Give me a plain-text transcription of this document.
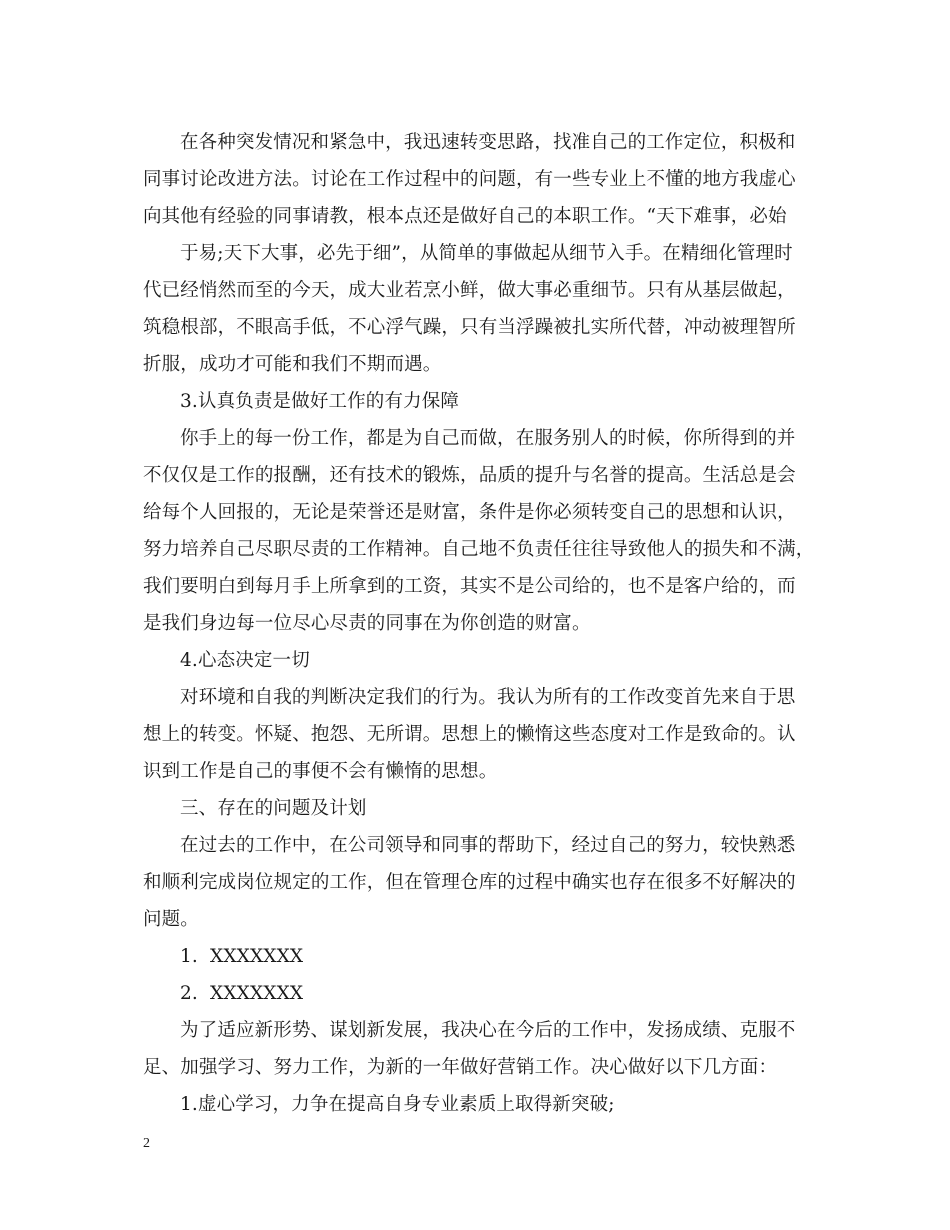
在各种突发情况和紧急中，我迅速转变思路，找准自己的工作定位，积极和
同事讨论改进方法。讨论在工作过程中的问题，有一些专业上不懂的地方我虚心
向其他有经验的同事请教，根本点还是做好自己的本职工作。“天下难事，必始
于易;天下大事，必先于细”，从简单的事做起从细节入手。在精细化管理时
代已经悄然而至的今天，成大业若烹小鲜，做大事必重细节。只有从基层做起，
筑稳根部，不眼高手低，不心浮气躁，只有当浮躁被扎实所代替，冲动被理智所
折服，成功才可能和我们不期而遇。
3.认真负责是做好工作的有力保障
你手上的每一份工作，都是为自己而做，在服务别人的时候，你所得到的并
不仅仅是工作的报酬，还有技术的锻炼，品质的提升与名誉的提高。生活总是会
给每个人回报的，无论是荣誉还是财富，条件是你必须转变自己的思想和认识，
努力培养自己尽职尽责的工作精神。自己地不负责任往往导致他人的损失和不满，
我们要明白到每月手上所拿到的工资，其实不是公司给的，也不是客户给的，而
是我们身边每一位尽心尽责的同事在为你创造的财富。
4.心态决定一切
对环境和自我的判断决定我们的行为。我认为所有的工作改变首先来自于思
想上的转变。怀疑、抱怨、无所谓。思想上的懒惰这些态度对工作是致命的。认
识到工作是自己的事便不会有懒惰的思想。
三、存在的问题及计划
在过去的工作中，在公司领导和同事的帮助下，经过自己的努力，较快熟悉
和顺利完成岗位规定的工作，但在管理仓库的过程中确实也存在很多不好解决的
问题。
1.  XXXXXXX
2.  XXXXXXX
为了适应新形势、谋划新发展，我决心在今后的工作中，发扬成绩、克服不
足、加强学习、努力工作，为新的一年做好营销工作。决心做好以下几方面：
1.虚心学习，力争在提高自身专业素质上取得新突破;
2
